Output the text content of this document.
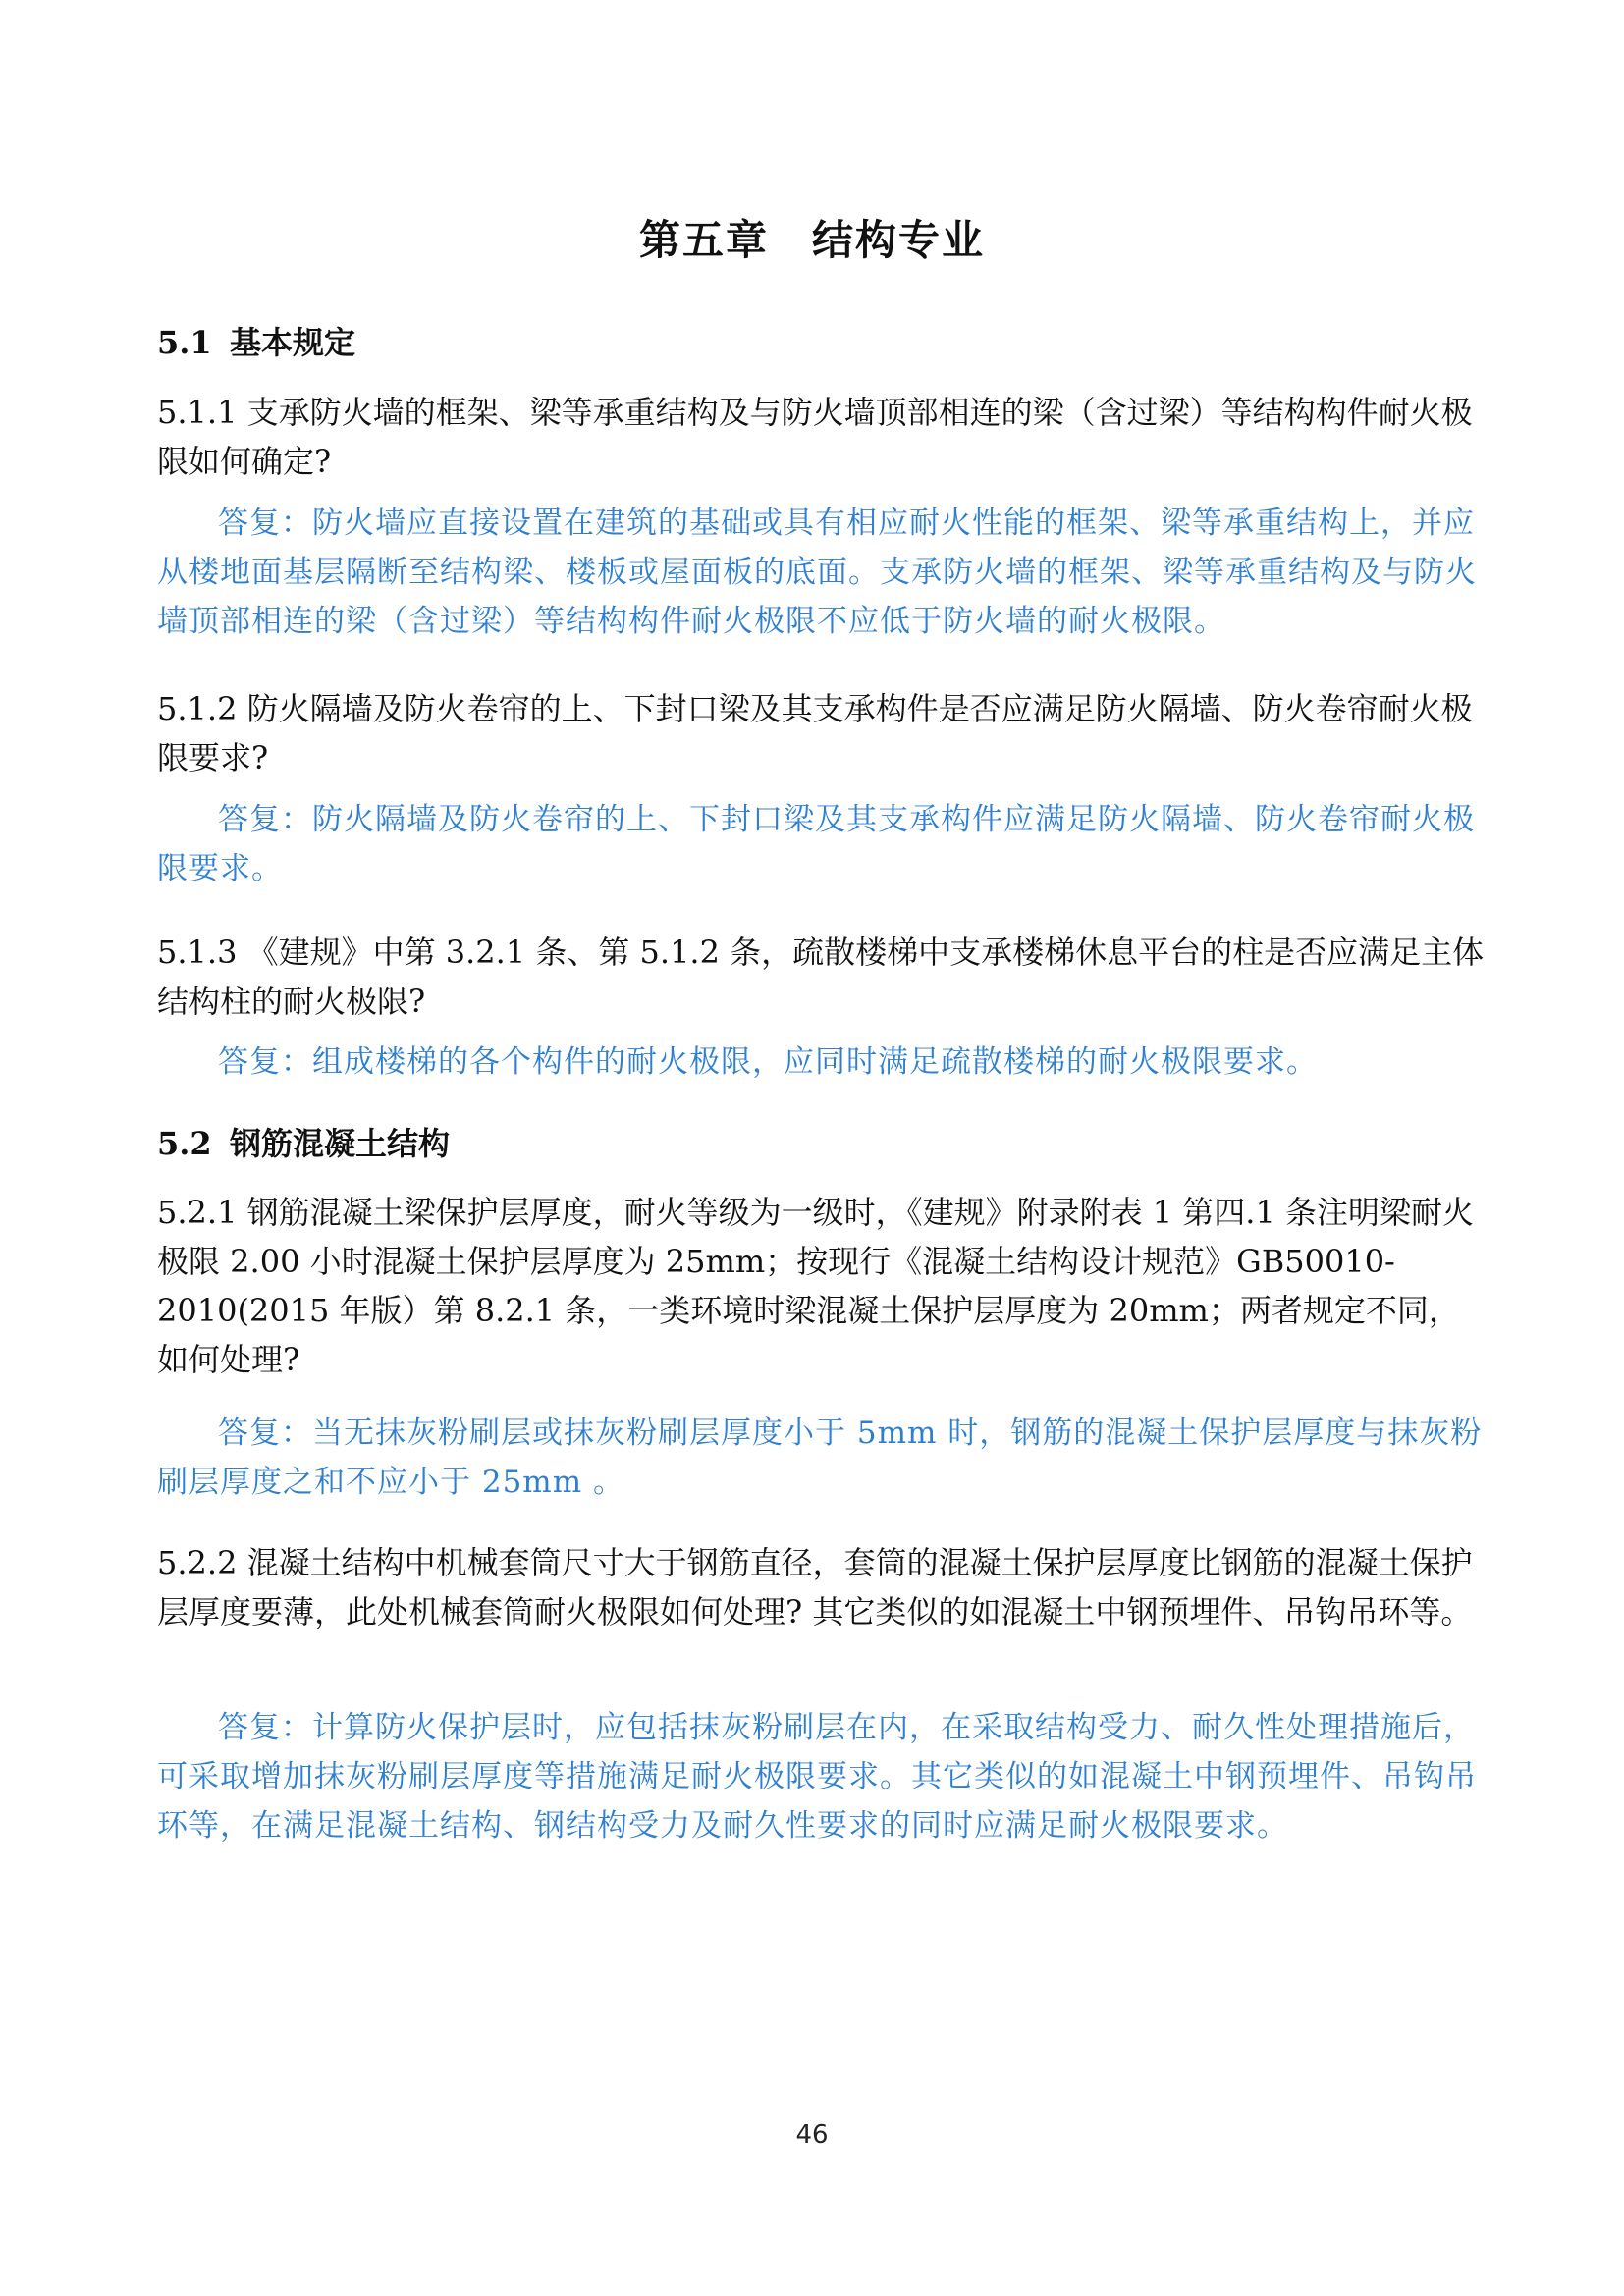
第五章　结构专业
5.1 基本规定
5.1.1 支承防火墙的框架、梁等承重结构及与防火墙顶部相连的梁（含过梁）等结构构件耐火极限如何确定?
答复：防火墙应直接设置在建筑的基础或具有相应耐火性能的框架、梁等承重结构上，并应从楼地面基层隔断至结构梁、楼板或屋面板的底面。支承防火墙的框架、梁等承重结构及与防火墙顶部相连的梁（含过梁）等结构构件耐火极限不应低于防火墙的耐火极限。
5.1.2 防火隔墙及防火卷帘的上、下封口梁及其支承构件是否应满足防火隔墙、防火卷帘耐火极限要求?
答复：防火隔墙及防火卷帘的上、下封口梁及其支承构件应满足防火隔墙、防火卷帘耐火极限要求。
5.1.3 《建规》中第 3.2.1 条、第 5.1.2 条，疏散楼梯中支承楼梯休息平台的柱是否应满足主体结构柱的耐火极限?
答复：组成楼梯的各个构件的耐火极限，应同时满足疏散楼梯的耐火极限要求。
5.2 钢筋混凝土结构
5.2.1 钢筋混凝土梁保护层厚度，耐火等级为一级时，《建规》附录附表 1 第四.1 条注明梁耐火极限 2.00 小时混凝土保护层厚度为 25mm；按现行《混凝土结构设计规范》GB50010-2010(2015 年版）第 8.2.1 条，一类环境时梁混凝土保护层厚度为 20mm；两者规定不同，如何处理?
答复：当无抹灰粉刷层或抹灰粉刷层厚度小于 5mm 时，钢筋的混凝土保护层厚度与抹灰粉刷层厚度之和不应小于 25mm 。
5.2.2 混凝土结构中机械套筒尺寸大于钢筋直径，套筒的混凝土保护层厚度比钢筋的混凝土保护层厚度要薄，此处机械套筒耐火极限如何处理? 其它类似的如混凝土中钢预埋件、吊钩吊环等。
答复：计算防火保护层时，应包括抹灰粉刷层在内，在采取结构受力、耐久性处理措施后，可采取增加抹灰粉刷层厚度等措施满足耐火极限要求。其它类似的如混凝土中钢预埋件、吊钩吊环等，在满足混凝土结构、钢结构受力及耐久性要求的同时应满足耐火极限要求。
46
